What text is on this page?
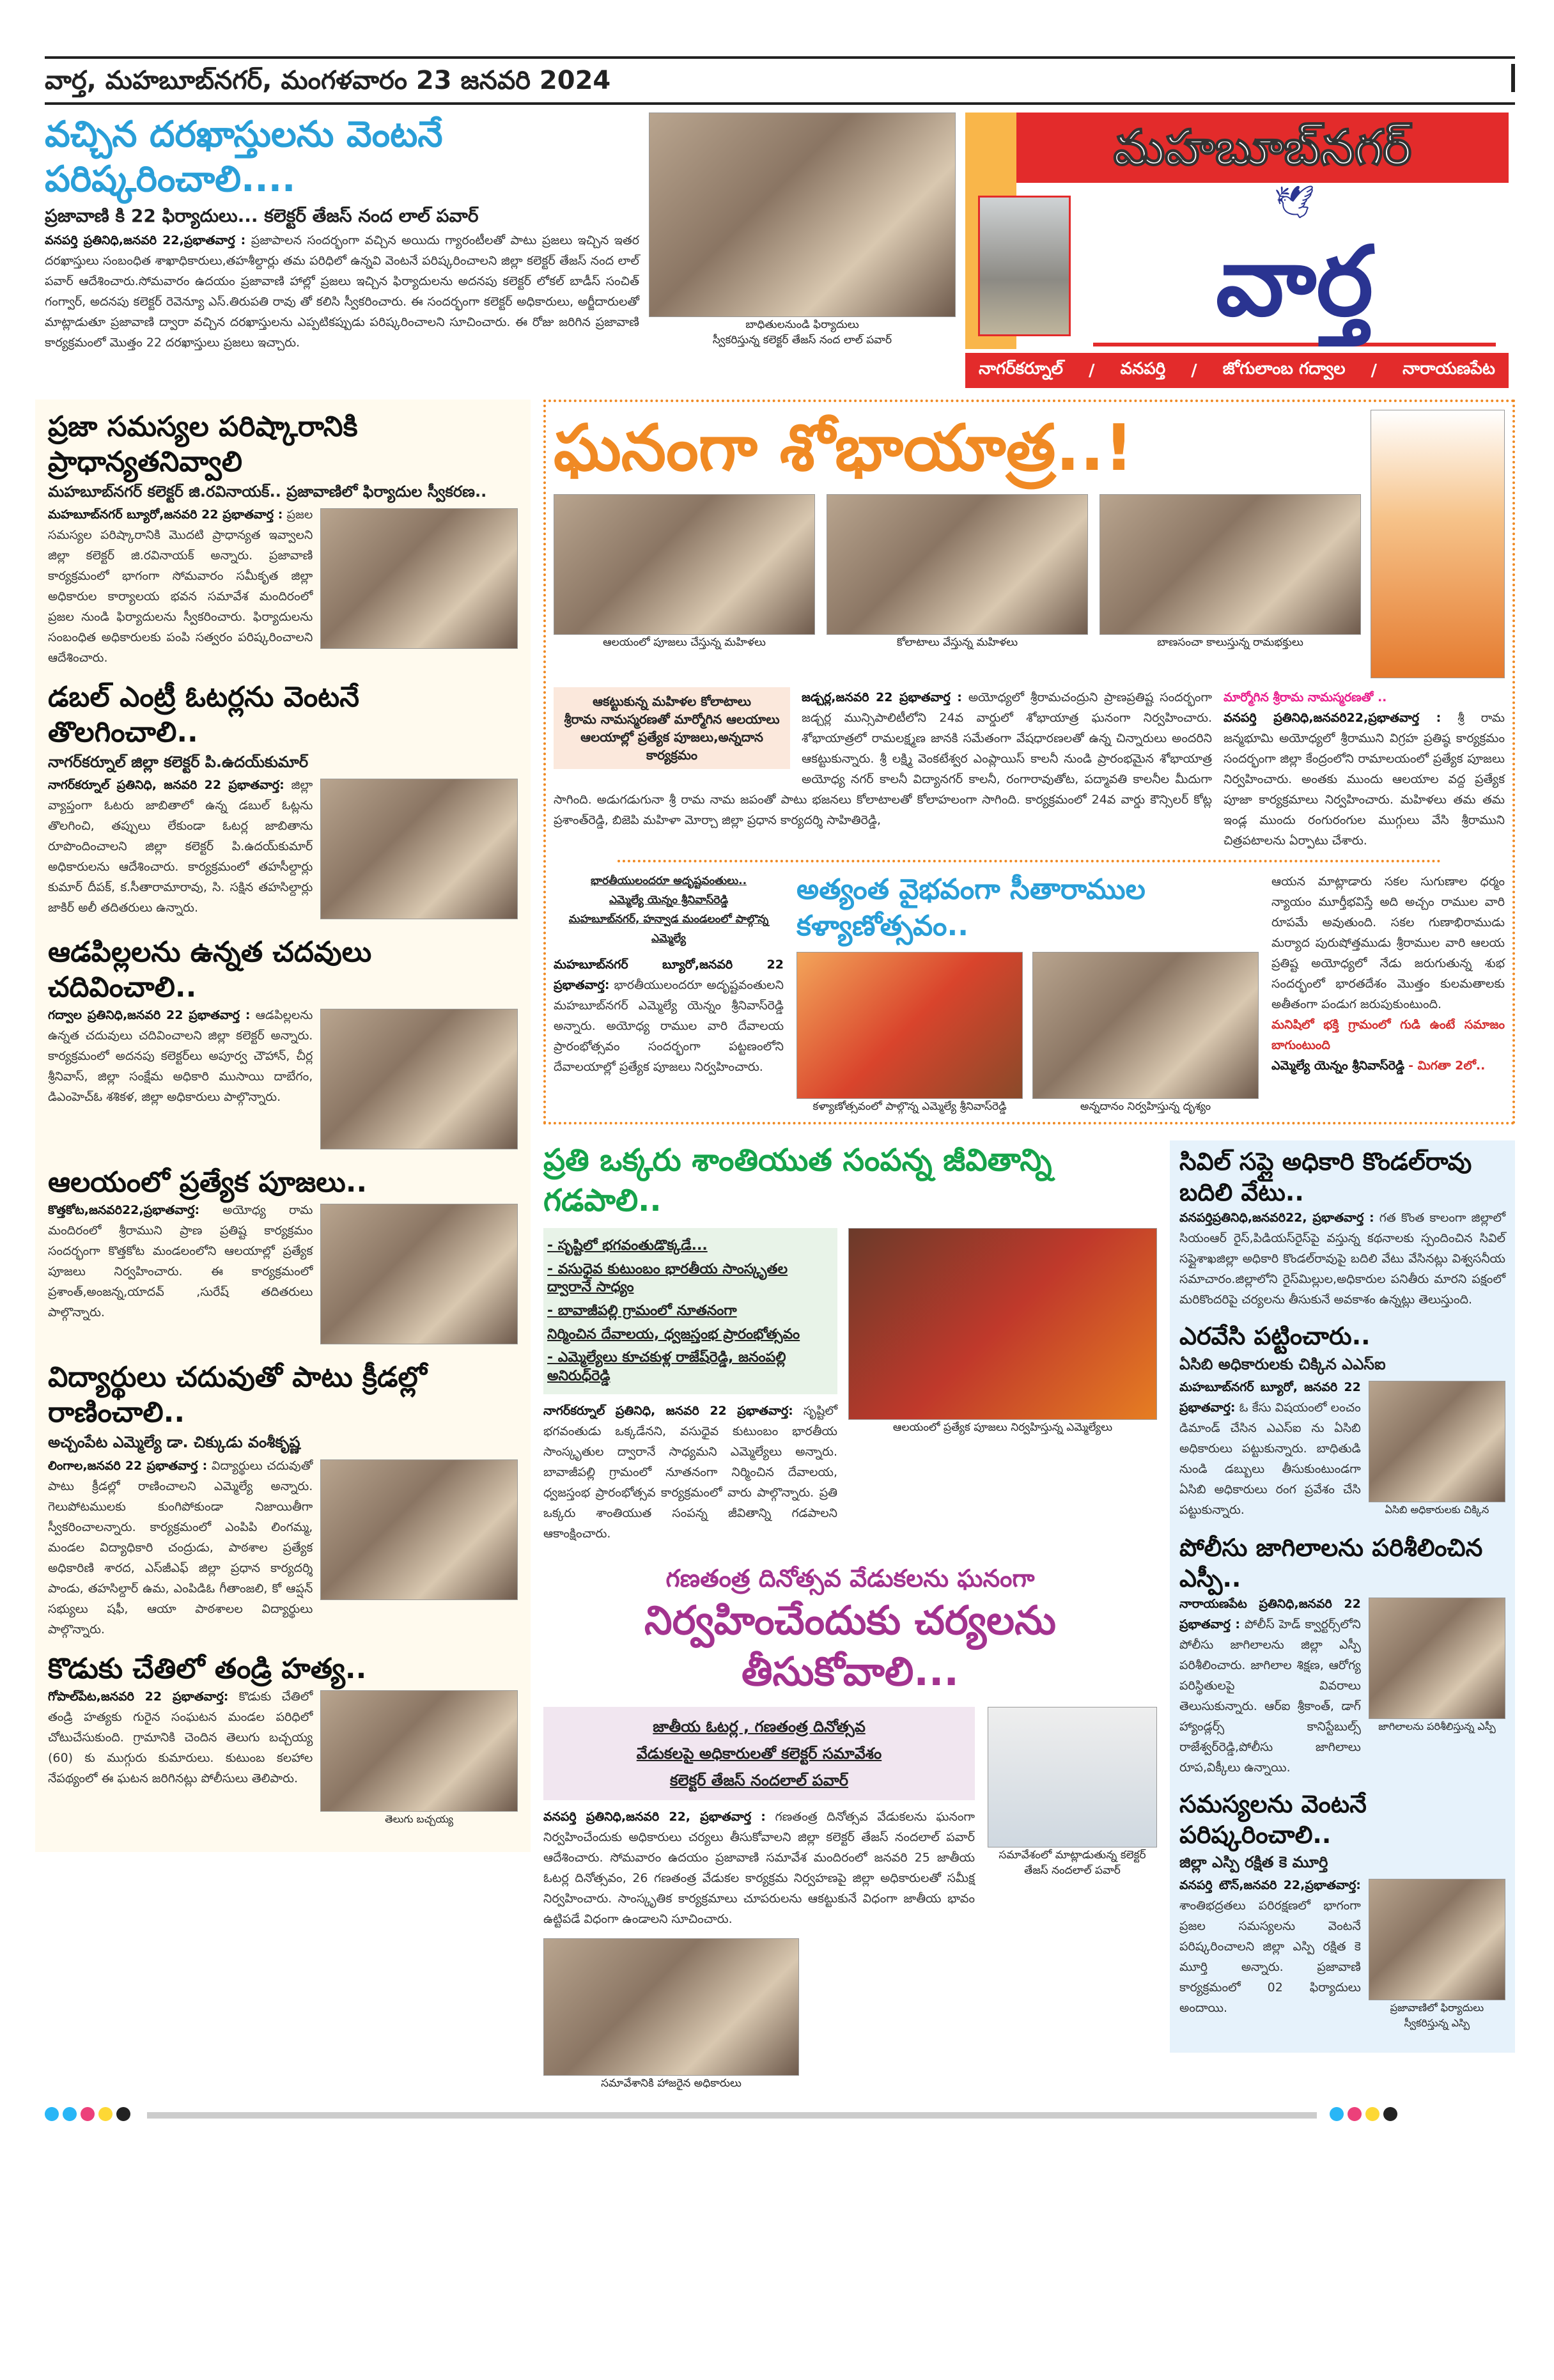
వార్త, మహబూబ్‌నగర్, మంగళవారం 23 జనవరి 2024
వచ్చిన దరఖాస్తులను వెంటనే పరిష్కరించాలి....
ప్రజావాణి కి 22 ఫిర్యాదులు... కలెక్టర్ తేజస్ నంద లాల్ పవార్

వనపర్తి ప్రతినిధి,జనవరి 22,ప్రభాతవార్త : ప్రజాపాలన సందర్భంగా వచ్చిన అయిదు గ్యారంటీలతో పాటు ప్రజలు ఇచ్చిన ఇతర దరఖాస్తులు సంబంధిత శాఖాధికారులు,తహశీల్దార్లు తమ పరిధిలో ఉన్నవి వెంటనే పరిష్కరించాలని జిల్లా కలెక్టర్ తేజస్ నంద లాల్ పవార్ ఆదేశించారు.సోమవారం ఉదయం ప్రజావాణి హాల్లో ప్రజలు ఇచ్చిన ఫిర్యాదులను అదనపు కలెక్టర్ లోకల్ బాడీస్ సంచిత్ గంగ్వార్, అదనపు కలెక్టర్ రెవెన్యూ ఎస్.తిరుపతి రావు తో కలిసి స్వీకరించారు. ఈ సందర్భంగా కలెక్టర్ అధికారులు, అర్జీదారులతో మాట్లాడుతూ ప్రజావాణి ద్వారా వచ్చిన దరఖాస్తులను ఎప్పటికప్పుడు పరిష్కరించాలని సూచించారు. ఈ రోజు జరిగిన ప్రజావాణి కార్యక్రమంలో మొత్తం 22 దరఖాస్తులు ప్రజలు ఇచ్చారు.

బాధితులనుండి ఫిర్యాదులు
స్వీకరిస్తున్న కలెక్టర్ తేజస్ నంద లాల్ పవార్
మహబూబ్‌నగర్
🕊
వార్త
నాగర్‌కర్నూల్ / వనపర్తి / జోగులాంబ గద్వాల / నారాయణపేట
ప్రజా సమస్యల పరిష్కారానికి ప్రాధాన్యతనివ్వాలి
మహబూబ్‌నగర్ కలెక్టర్ జి.రవినాయక్.. ప్రజావాణిలో ఫిర్యాదుల స్వీకరణ..

మహబూబ్‌నగర్ బ్యూరో,జనవరి 22 ప్రభాతవార్త : ప్రజల సమస్యల పరిష్కారానికి మొదటి ప్రాధాన్యత ఇవ్వాలని జిల్లా కలెక్టర్ జి.రవినాయక్ అన్నారు. ప్రజావాణి కార్యక్రమంలో భాగంగా సోమవారం సమీకృత జిల్లా అధికారుల కార్యాలయ భవన సమావేశ మందిరంలో ప్రజల నుండి ఫిర్యాదులను స్వీకరించారు. ఫిర్యాదులను సంబంధిత అధికారులకు పంపి సత్వరం పరిష్కరించాలని ఆదేశించారు.

డబల్ ఎంట్రీ ఓటర్లను వెంటనే తొలగించాలి..
నాగర్‌కర్నూల్ జిల్లా కలెక్టర్ పి.ఉదయ్‌కుమార్

నాగర్‌కర్నూల్ ప్రతినిధి, జనవరి 22 ప్రభాతవార్త: జిల్లా వ్యాప్తంగా ఓటరు జాబితాలో ఉన్న డబుల్ ఓట్లను తొలగించి, తప్పులు లేకుండా ఓటర్ల జాబితాను రూపొందించాలని జిల్లా కలెక్టర్ పి.ఉదయ్‌కుమార్ అధికారులను ఆదేశించారు. కార్యక్రమంలో తహసీల్దార్లు కుమార్ దీపక్, క.సీతారామారావు, సి. సక్షిన తహసిల్దార్లు జాకిర్ అలీ తదితరులు ఉన్నారు.

ఆడపిల్లలను ఉన్నత చదవులు చదివించాలి..

గద్వాల ప్రతినిధి,జనవరి 22 ప్రభాతవార్త : ఆడపిల్లలను ఉన్నత చదువులు చదివించాలని జిల్లా కలెక్టర్ అన్నారు. కార్యక్రమంలో అదనపు కలెక్టర్‌లు అపూర్వ చౌహాన్, చీర్ల శ్రీనివాస్, జిల్లా సంక్షేమ అధికారి ముసాయి దాబేగం, డిఎంహెచ్‌ఓ శశికళ, జిల్లా అధికారులు పాల్గొన్నారు.

ఆలయంలో ప్రత్యేక పూజలు..

కొత్తకోట,జనవరి22,ప్రభాతవార్త: అయోధ్య రామ మందిరంలో శ్రీరాముని ప్రాణ ప్రతిష్ట కార్యక్రమం సందర్భంగా కొత్తకోట మండలంలోని ఆలయాల్లో ప్రత్యేక పూజలు నిర్వహించారు. ఈ కార్యక్రమంలో ప్రశాంత్,అంజన్న,యాదవ్ ,సురేష్ తదితరులు పాల్గొన్నారు.

విద్యార్థులు చదువుతో పాటు క్రీడల్లో రాణించాలి..
అచ్చంపేట ఎమ్మెల్యే డా. చిక్కుడు వంశీకృష్ణ

లింగాల,జనవరి 22 ప్రభాతవార్త : విద్యార్థులు చదువుతో పాటు క్రీడల్లో రాణించాలని ఎమ్మెల్యే అన్నారు. గెలుపోటములకు కుంగిపోకుండా నిజాయితీగా స్వీకరించాలన్నారు. కార్యక్రమంలో ఎంపిపి లింగమ్మ, మండల విద్యాధికారి చంద్రుడు, పాఠశాల ప్రత్యేక అధికారిణి శారద, ఎస్‌జీఎఫ్ జిల్లా ప్రధాన కార్యదర్శి పాండు, తహసిల్దార్ ఉమ, ఎంపిడిఓ గీతాంజలి, కో ఆప్షన్ సభ్యులు షఫీ, ఆయా పాఠశాలల విద్యార్థులు పాల్గొన్నారు.

కొడుకు చేతిలో తండ్రి హత్య..
తెలుగు బచ్చయ్య

గోపాల్‌పేట,జనవరి 22 ప్రభాతవార్త: కొడుకు చేతిలో తండ్రి హత్యకు గురైన సంఘటన మండల పరిధిలో చోటుచేసుకుంది. గ్రామానికి చెందిన తెలుగు బచ్చయ్య (60) కు ముగ్గురు కుమారులు. కుటుంబ కలహాల నేపథ్యంలో ఈ ఘటన జరిగినట్లు పోలీసులు తెలిపారు.

ఘనంగా శోభాయాత్ర..!
ఆలయంలో పూజలు చేస్తున్న మహిళలు	కోలాటాలు వేస్తున్న మహిళలు	బాణసంచా కాలుస్తున్న రామభక్తులు
ఆకట్టుకున్న మహిళల కోలాటాలు
శ్రీరామ నామస్మరణతో మార్మోగిన ఆలయాలు
ఆలయాల్లో ప్రత్యేక పూజలు,అన్నదాన కార్యక్రమం
జడ్చర్ల,జనవరి 22 ప్రభాతవార్త : అయోధ్యలో శ్రీరామచంద్రుని ప్రాణప్రతిష్ట సందర్భంగా జడ్చర్ల మున్సిపాలిటీలోని 24వ వార్డులో శోభాయాత్ర ఘనంగా నిర్వహించారు. శోభాయాత్రలో రామలక్ష్మణ జానకి సమేతంగా వేషధారణలతో ఉన్న చిన్నారులు అందరిని ఆకట్టుకున్నారు. శ్రీ లక్ష్మి వెంకటేశ్వర ఎంప్లాయిస్ కాలనీ నుండి ప్రారంభమైన శోభాయాత్ర అయోధ్య నగర్ కాలనీ విద్యానగర్ కాలనీ, రంగారావుతోట, పద్మావతి కాలనీల మీదుగా సాగింది. అడుగడుగునా శ్రీ రామ నామ జపంతో పాటు భజనలు కోలాటాలతో కోలాహలంగా సాగింది. కార్యక్రమంలో 24వ వార్డు కౌన్సిలర్ కోట్ల ప్రశాంత్‌రెడ్డి, బిజెపి మహిళా మోర్చా జిల్లా ప్రధాన కార్యదర్శి సాహితిరెడ్డి,
మార్మోగిన శ్రీరామ నామస్మరణతో ..
వనపర్తి ప్రతినిధి,జనవరి22,ప్రభాతవార్త : శ్రీ రామ జన్మభూమి అయోధ్యలో శ్రీరాముని విగ్రహ ప్రతిష్ఠ కార్యక్రమం సందర్భంగా జిల్లా కేంద్రంలోని రామాలయంలో ప్రత్యేక పూజలు నిర్వహించారు. అంతకు ముందు ఆలయాల వద్ద ప్రత్యేక పూజా కార్యక్రమాలు నిర్వహించారు. మహిళలు తమ తమ ఇండ్ల ముందు రంగురంగుల ముగ్గులు వేసి శ్రీరాముని చిత్రపటాలను ఏర్పాటు చేశారు.
భారతీయులందరూ అదృష్టవంతులు..
ఎమ్మెల్యే యెన్నం శ్రీనివాస్‌రెడ్డి
మహబూబ్‌నగర్, హన్వాడ మండలంలో పాల్గొన్న ఎమ్మెల్యే
మహబూబ్‌నగర్ బ్యూరో,జనవరి 22 ప్రభాతవార్త: భారతీయులందరూ అదృష్టవంతులని మహబూబ్‌నగర్ ఎమ్మెల్యే యెన్నం శ్రీనివాస్‌రెడ్డి అన్నారు. అయోధ్య రాముల వారి దేవాలయ ప్రారంభోత్సవం సందర్భంగా పట్టణంలోని దేవాలయాల్లో ప్రత్యేక పూజలు నిర్వహించారు.
అత్యంత వైభవంగా సీతారాముల కళ్యాణోత్సవం..
కళ్యాణోత్సవంలో పాల్గొన్న ఎమ్మెల్యే శ్రీనివాస్‌రెడ్డి	అన్నదానం నిర్వహిస్తున్న దృశ్యం
ఆయన మాట్లాడారు సకల సుగుణాల ధర్మం న్యాయం మూర్తీభవిస్తే అది అచ్చం రాముల వారి రూపమే అవుతుంది. సకల గుణాభిరాముడు మర్యాద పురుషోత్తముడు శ్రీరాముల వారి ఆలయ ప్రతిష్ట అయోధ్యలో నేడు జరుగుతున్న శుభ సందర్భంలో భారతదేశం మొత్తం కులమతాలకు అతీతంగా పండుగ జరుపుకుంటుంది.
మనిషిలో భక్తి గ్రామంలో గుడి ఉంటే సమాజం బాగుంటుంది
ఎమ్మెల్యే యెన్నం శ్రీనివాస్‌రెడ్డి - మిగతా 2లో..
ప్రతి ఒక్కరు శాంతియుత సంపన్న జీవితాన్ని గడపాలి..
- సృష్టిలో భగవంతుడొక్కడే...
- వసుధైవ కుటుంబం భారతీయ సాంస్కృతల ద్వారానే సాధ్యం
- బావాజీపల్లి గ్రామంలో నూతనంగా
నిర్మించిన దేవాలయ, ధ్వజస్తంభ ప్రారంభోత్సవం
- ఎమ్మెల్యేలు కూచకుళ్ల రాజేష్‌రెడ్డి, జనంపల్లి అనిరుధ్‌రెడ్డి
నాగర్‌కర్నూల్ ప్రతినిధి, జనవరి 22 ప్రభాతవార్త: సృష్టిలో భగవంతుడు ఒక్కడేనని, వసుధైవ కుటుంబం భారతీయ సాంస్కృతుల ద్వారానే సాధ్యమని ఎమ్మెల్యేలు అన్నారు. బావాజీపల్లి గ్రామంలో నూతనంగా నిర్మించిన దేవాలయ, ధ్వజస్తంభ ప్రారంభోత్సవ కార్యక్రమంలో వారు పాల్గొన్నారు. ప్రతి ఒక్కరు శాంతియుత సంపన్న జీవితాన్ని గడపాలని ఆకాంక్షించారు.
ఆలయంలో ప్రత్యేక పూజలు నిర్వహిస్తున్న ఎమ్మెల్యేలు
గణతంత్ర దినోత్సవ వేడుకలను ఘనంగా
నిర్వహించేందుకు చర్యలను తీసుకోవాలి...
జాతీయ ఓటర్ల , గణతంత్ర దినోత్సవ
వేడుకలపై అధికారులతో కలెక్టర్ సమావేశం
కలెక్టర్ తేజస్ నందలాల్ పవార్
వనపర్తి ప్రతినిధి,జనవరి 22, ప్రభాతవార్త : గణతంత్ర దినోత్సవ వేడుకలను ఘనంగా నిర్వహించేందుకు అధికారులు చర్యలు తీసుకోవాలని జిల్లా కలెక్టర్ తేజస్ నందలాల్ పవార్ ఆదేశించారు. సోమవారం ఉదయం ప్రజావాణి సమావేశ మందిరంలో జనవరి 25 జాతీయ ఓటర్ల దినోత్సవం, 26 గణతంత్ర వేడుకల కార్యక్రమ నిర్వహణపై జిల్లా అధికారులతో సమీక్ష నిర్వహించారు. సాంస్కృతిక కార్యక్రమాలు చూపరులను ఆకట్టుకునే విధంగా జాతీయ భావం ఉట్టిపడే విధంగా ఉండాలని సూచించారు.
సమావేశంలో మాట్లాడుతున్న కలెక్టర్ తేజస్ నందలాల్ పవార్
సమావేశానికి హాజరైన అధికారులు
సివిల్ సప్లై అధికారి కొండల్‌రావు బదిలి వేటు..

వనపర్తిప్రతినిధి,జనవరి22, ప్రభాతవార్త : గత కొంత కాలంగా జిల్లాలో సియంఆర్ రైస్,పిడియస్‌రైస్‌పై వస్తున్న కథనాలకు స్పందించిన సివిల్ సప్లైశాఖజిల్లా అధికారి కొండల్‌రావుపై బదిలి వేటు వేసినట్లు విశ్వసనీయ సమాచారం.జిల్లాలోని రైస్‌మిల్లుల,అధికారుల పనితీరు మారని పక్షంలో మరికొందరిపై చర్యలను తీసుకునే అవకాశం ఉన్నట్లు తెలుస్తుంది.

ఎరవేసి పట్టించారు..
ఏసిబి అధికారులకు చిక్కిన ఎఎస్‌ఐ
ఏసిబి అధికారులకు చిక్కిన

మహబూబ్‌నగర్ బ్యూరో, జనవరి 22 ప్రభాతవార్త: ఓ కేసు విషయంలో లంచం డిమాండ్ చేసిన ఎఎస్‌ఐ ను ఏసిబి అధికారులు పట్టుకున్నారు. బాధితుడి నుండి డబ్బులు తీసుకుంటుండగా ఏసిబి అధికారులు రంగ ప్రవేశం చేసి పట్టుకున్నారు.

పోలీసు జాగిలాలను పరిశీలించిన ఎస్పీ..
జాగిలాలను పరిశీలిస్తున్న ఎస్పీ

నారాయణపేట ప్రతినిధి,జనవరి 22 ప్రభాతవార్త : పోలీస్ హెడ్ క్వార్టర్స్‌లోని పోలీసు జాగిలాలను జిల్లా ఎస్పీ పరిశీలించారు. జాగిలాల శిక్షణ, ఆరోగ్య పరిస్థితులపై వివరాలు తెలుసుకున్నారు. ఆర్‌ఐ శ్రీకాంత్, డాగ్ హ్యాండ్లర్స్ కానిస్టేబుల్స్ రాజేశ్వర్‌రెడ్డి,పోలీసు జాగిలాలు రూప,విక్కీలు ఉన్నాయి.

సమస్యలను వెంటనే పరిష్కరించాలి..
జిల్లా ఎస్పి రక్షిత కె మూర్తి
ప్రజావాణిలో ఫిర్యాదులు స్వీకరిస్తున్న ఎస్పి

వనపర్తి టౌన్,జనవరి 22,ప్రభాతవార్త: శాంతిభద్రతలు పరిరక్షణలో భాగంగా ప్రజల సమస్యలను వెంటనే పరిష్కరించాలని జిల్లా ఎస్పి రక్షిత కె మూర్తి అన్నారు. ప్రజావాణి కార్యక్రమంలో 02 ఫిర్యాదులు అందాయి.
